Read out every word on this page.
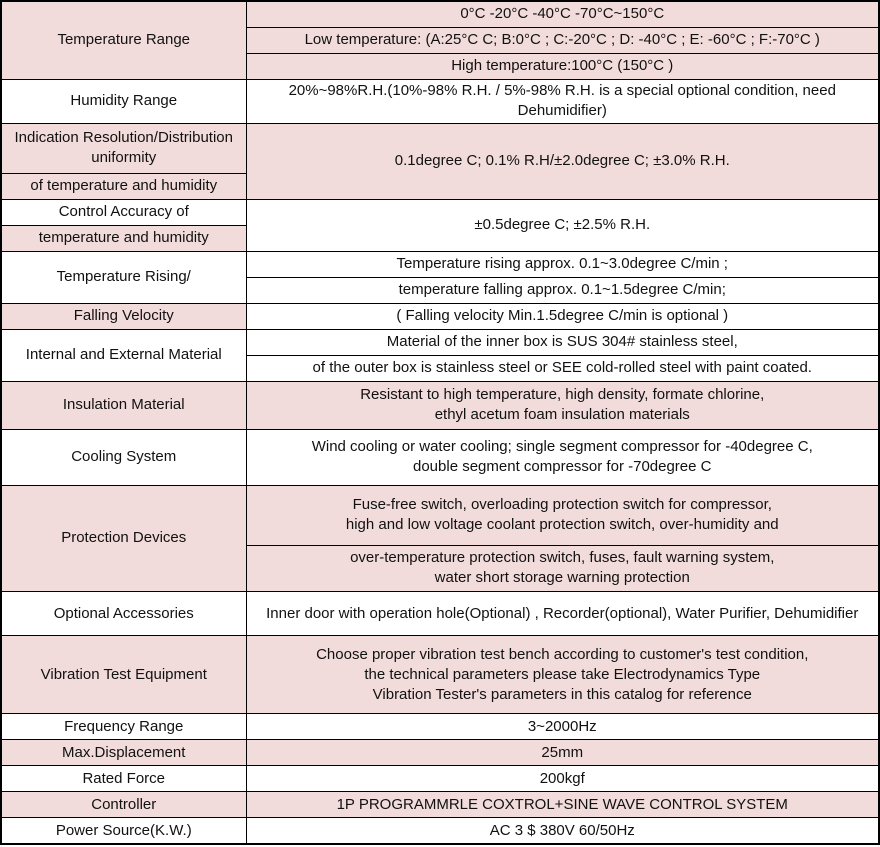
Temperature Range	0°C -20°C -40°C -70°C~150°C
	Low temperature: (A:25°C C; B:0°C ; C:-20°C ; D: -40°C ; E: -60°C ; F:-70°C )
	High temperature:100°C (150°C )
Humidity Range	20%~98%R.H.(10%-98% R.H. / 5%-98% R.H. is a special optional condition, need
Dehumidifier)

Indication Resolution/Distribution
uniformity	0.1degree C; 0.1% R.H/±2.0degree C; ±3.0% R.H.
of temperature and humidity	
Control Accuracy of	±0.5degree C; ±2.5% R.H.
temperature and humidity	
Temperature Rising/	Temperature rising approx. 0.1~3.0degree C/min ;
	temperature falling approx. 0.1~1.5degree C/min;
Falling Velocity	( Falling velocity Min.1.5degree C/min is optional )
Internal and External Material	Material of the inner box is SUS 304# stainless steel,
	of the outer box is stainless steel or SEE cold-rolled steel with paint coated.
Insulation Material	Resistant to high temperature, high density, formate chlorine,
ethyl acetum foam insulation materials

Cooling System	Wind cooling or water cooling; single segment compressor for -40degree C,
double segment compressor for -70degree C

Protection Devices	Fuse-free switch, overloading protection switch for compressor,
high and low voltage coolant protection switch, over-humidity and

	over-temperature protection switch, fuses, fault warning system,
water short storage warning protection

Optional Accessories	Inner door with operation hole(Optional) , Recorder(optional), Water Purifier, Dehumidifier
Vibration Test Equipment	Choose proper vibration test bench according to customer's test condition,
the technical parameters please take Electrodynamics Type
Vibration Tester's parameters in this catalog for reference

Frequency Range	3~2000Hz
Max.Displacement	25mm
Rated Force	200kgf
Controller	1P PROGRAMMRLE COXTROL+SINE WAVE CONTROL SYSTEM
Power Source(K.W.)	AC 3 $ 380V 60/50Hz
